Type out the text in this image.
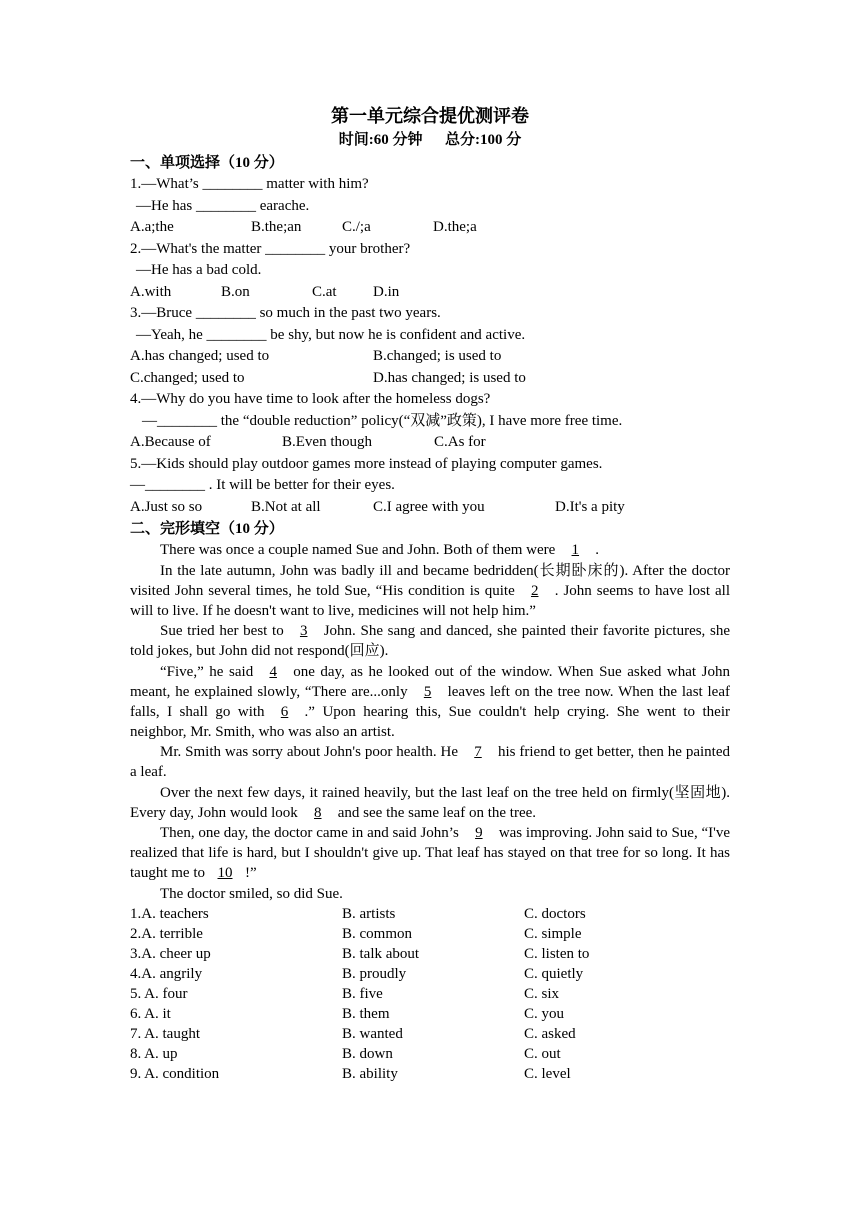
第一单元综合提优测评卷
时间:60 分钟      总分:100 分
一、单项选择（10 分）
1.—What’s ________ matter with him?
—He has ________ earache.
A.a;the	B.the;an	C./;a	D.the;a
2.—What's the matter ________ your brother?
—He has a bad cold.
A.with	B.on	C.at	D.in
3.—Bruce ________ so much in the past two years.
—Yeah, he ________ be shy, but now he is confident and active.
A.has changed; used to	B.changed; is used to
C.changed; used to	D.has changed; is used to
4.—Why do you have time to look after the homeless dogs?
—________ the “double reduction” policy(“双减”政策), I have more free time.
A.Because of	B.Even though	C.As for
5.—Kids should play outdoor games more instead of playing computer games.
—________ . It will be better for their eyes.
A.Just so so	B.Not at all	C.I agree with you	D.It's a pity
二、完形填空（10 分）

There was once a couple named Sue and John. Both of them were 1 .

In the late autumn, John was badly ill and became bedridden(长期卧床的). After the doctor visited John several times, he told Sue, “His condition is quite 2 . John seems to have lost all will to live. If he doesn't want to live, medicines will not help him.”

Sue tried her best to 3 John. She sang and danced, she painted their favorite pictures, she told jokes, but John did not respond(回应).

“Five,” he said 4 one day, as he looked out of the window. When Sue asked what John meant, he explained slowly, “There are...only 5 leaves left on the tree now. When the last leaf falls, I shall go with 6 .” Upon hearing this, Sue couldn't help crying. She went to their neighbor, Mr. Smith, who was also an artist.

Mr. Smith was sorry about John's poor health. He 7 his friend to get better, then he painted a leaf.

Over the next few days, it rained heavily, but the last leaf on the tree held on firmly(坚固地). Every day, John would look 8 and see the same leaf on the tree.

Then, one day, the doctor came in and said John’s 9 was improving. John said to Sue, “I've realized that life is hard, but I shouldn't give up. That leaf has stayed on that tree for so long. It has taught me to 10 !”

The doctor smiled, so did Sue.

1.A. teachers	B. artists	C. doctors
2.A. terrible	B. common	C. simple
3.A. cheer up	B. talk about	C. listen to
4.A. angrily	B. proudly	C. quietly
5. A. four	B. five	C. six
6. A. it	B. them	C. you
7. A. taught	B. wanted	C. asked
8. A. up	B. down	C. out
9. A. condition	B. ability	C. level
